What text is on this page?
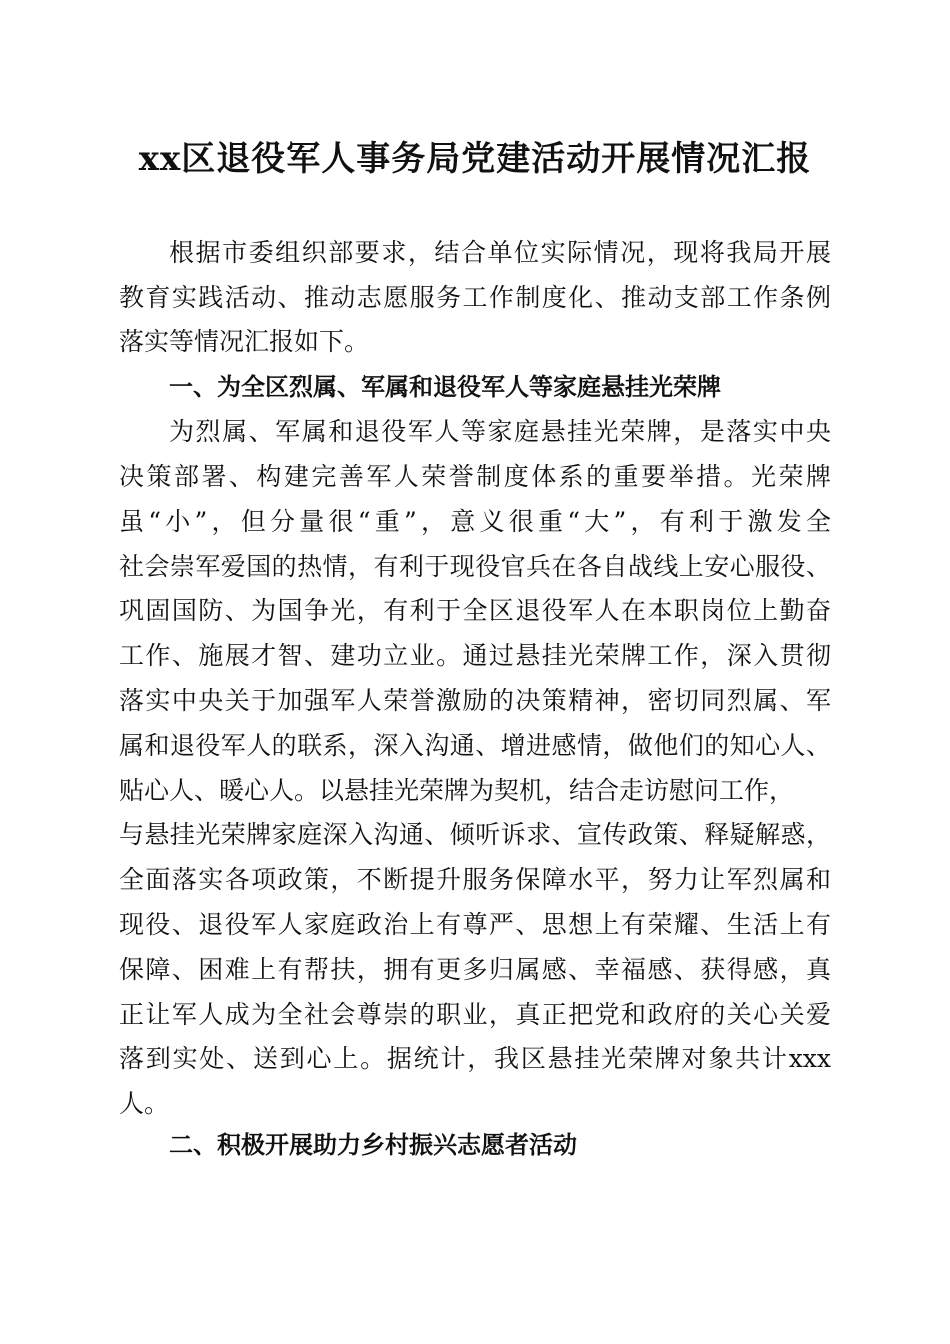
xx区退役军人事务局党建活动开展情况汇报

根据市委组织部要求，结合单位实际情况，现将我局开展

教育实践活动、推动志愿服务工作制度化、推动支部工作条例

落实等情况汇报如下。

一、为全区烈属、军属和退役军人等家庭悬挂光荣牌

为烈属、军属和退役军人等家庭悬挂光荣牌，是落实中央

决策部署、构建完善军人荣誉制度体系的重要举措。光荣牌

虽“小”，但分量很“重”，意义很重“大”，有利于激发全

社会崇军爱国的热情，有利于现役官兵在各自战线上安心服役、

巩固国防、为国争光，有利于全区退役军人在本职岗位上勤奋

工作、施展才智、建功立业。通过悬挂光荣牌工作，深入贯彻

落实中央关于加强军人荣誉激励的决策精神，密切同烈属、军

属和退役军人的联系，深入沟通、增进感情，做他们的知心人、

贴心人、暖心人。以悬挂光荣牌为契机，结合走访慰问工作，

与悬挂光荣牌家庭深入沟通、倾听诉求、宣传政策、释疑解惑，

全面落实各项政策，不断提升服务保障水平，努力让军烈属和

现役、退役军人家庭政治上有尊严、思想上有荣耀、生活上有

保障、困难上有帮扶，拥有更多归属感、幸福感、获得感，真

正让军人成为全社会尊崇的职业，真正把党和政府的关心关爱

落到实处、送到心上。据统计，我区悬挂光荣牌对象共计xxx

人。

二、积极开展助力乡村振兴志愿者活动
